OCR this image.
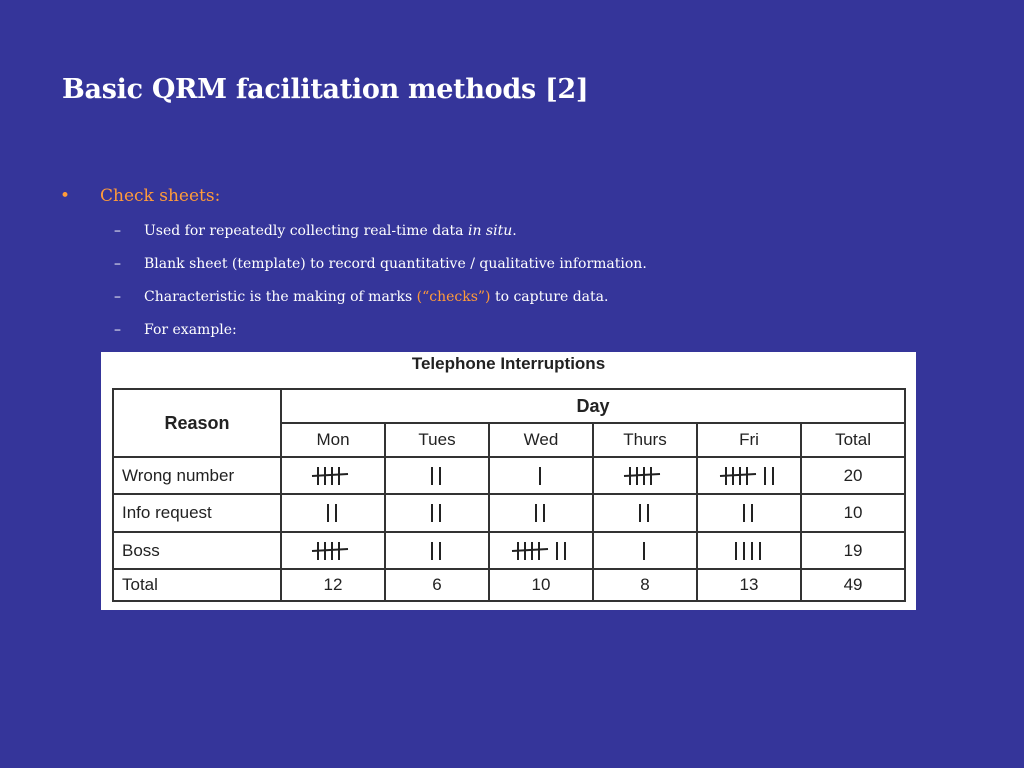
Basic QRM facilitation methods [2]
• Check sheets:
– Used for repeatedly collecting real-time data in situ.
– Blank sheet (template) to record quantitative / qualitative information.
– Characteristic is the making of marks (“checks”) to capture data.
– For example:
Telephone Interruptions
Reason	Day					
	Mon	Tues	Wed	Thurs	Fri	Total
Wrong number						20
Info request						10
Boss						19
Total	12	6	10	8	13	49
